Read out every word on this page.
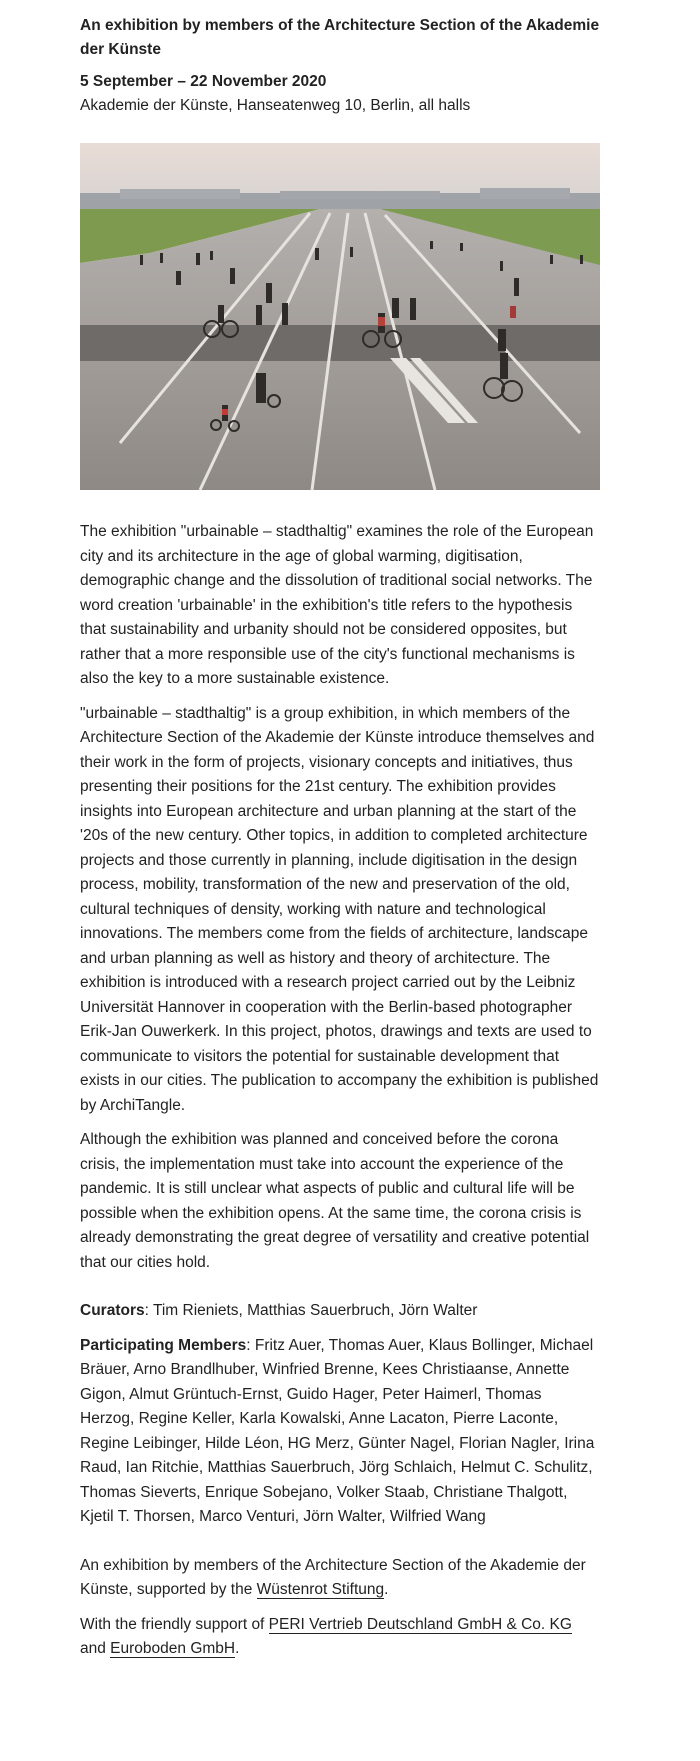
An exhibition by members of the Architecture Section of the Akademie der Künste

5 September – 22 November 2020

Akademie der Künste, Hanseatenweg 10, Berlin, all halls

The exhibition "urbainable – stadthaltig" examines the role of the European city and its architecture in the age of global warming, digitisation, demographic change and the dissolution of traditional social networks. The word creation 'urbainable' in the exhibition's title refers to the hypothesis that sustainability and urbanity should not be considered opposites, but rather that a more responsible use of the city's functional mechanisms is also the key to a more sustainable existence.

"urbainable – stadthaltig" is a group exhibition, in which members of the Architecture Section of the Akademie der Künste introduce themselves and their work in the form of projects, visionary concepts and initiatives, thus presenting their positions for the 21st century. The exhibition provides insights into European architecture and urban planning at the start of the '20s of the new century. Other topics, in addition to completed architecture projects and those currently in planning, include digitisation in the design process, mobility, transformation of the new and preservation of the old, cultural techniques of density, working with nature and technological innovations. The members come from the fields of architecture, landscape and urban planning as well as history and theory of architecture. The exhibition is introduced with a research project carried out by the Leibniz Universität Hannover in cooperation with the Berlin-based photographer Erik-Jan Ouwerkerk. In this project, photos, drawings and texts are used to communicate to visitors the potential for sustainable development that exists in our cities. The publication to accompany the exhibition is published by ArchiTangle.

Although the exhibition was planned and conceived before the corona crisis, the implementation must take into account the experience of the pandemic. It is still unclear what aspects of public and cultural life will be possible when the exhibition opens. At the same time, the corona crisis is already demonstrating the great degree of versatility and creative potential that our cities hold.

Curators: Tim Rieniets, Matthias Sauerbruch, Jörn Walter

Participating Members: Fritz Auer, Thomas Auer, Klaus Bollinger, Michael Bräuer, Arno Brandlhuber, Winfried Brenne, Kees Christiaanse, Annette Gigon, Almut Grüntuch-Ernst, Guido Hager, Peter Haimerl, Thomas Herzog, Regine Keller, Karla Kowalski, Anne Lacaton, Pierre Laconte, Regine Leibinger, Hilde Léon, HG Merz, Günter Nagel, Florian Nagler, Irina Raud, Ian Ritchie, Matthias Sauerbruch, Jörg Schlaich, Helmut C. Schulitz, Thomas Sieverts, Enrique Sobejano, Volker Staab, Christiane Thalgott, Kjetil T. Thorsen, Marco Venturi, Jörn Walter, Wilfried Wang

An exhibition by members of the Architecture Section of the Akademie der Künste, supported by the Wüstenrot Stiftung.

With the friendly support of PERI Vertrieb Deutschland GmbH & Co. KG and Euroboden GmbH.
